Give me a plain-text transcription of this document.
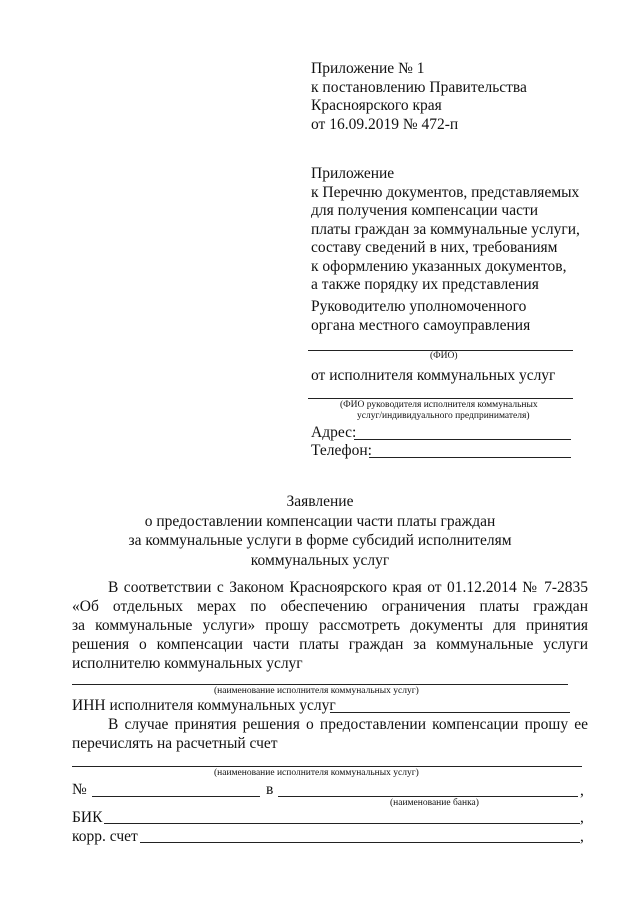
Приложение № 1
к постановлению Правительства
Красноярского края
от 16.09.2019 № 472-п
Приложение
к Перечню документов, представляемых
для получения компенсации части
платы граждан за коммунальные услуги,
составу сведений в них, требованиям
к оформлению указанных документов,
а также порядку их представления
Руководителю уполномоченного
органа местного самоуправления
(ФИО)
от исполнителя коммунальных услуг
(ФИО руководителя исполнителя коммунальных
услуг/индивидуального предпринимателя)
Адрес:
Телефон:
Заявление
о предоставлении компенсации части платы граждан
за коммунальные услуги в форме субсидий исполнителям
коммунальных услуг
В соответствии с Законом Красноярского края от 01.12.2014 № 7-2835
«Об отдельных мерах по обеспечению ограничения платы граждан
за коммунальные услуги» прошу рассмотреть документы для принятия
решения о компенсации части платы граждан за коммунальные услуги
исполнителю коммунальных услуг
(наименование исполнителя коммунальных услуг)
ИНН исполнителя коммунальных услуг
В случае принятия решения о предоставлении компенсации прошу ее
перечислять на расчетный счет
(наименование исполнителя коммунальных услуг)
№	в	,
(наименование банка)
БИК	,
корр. счет	,
